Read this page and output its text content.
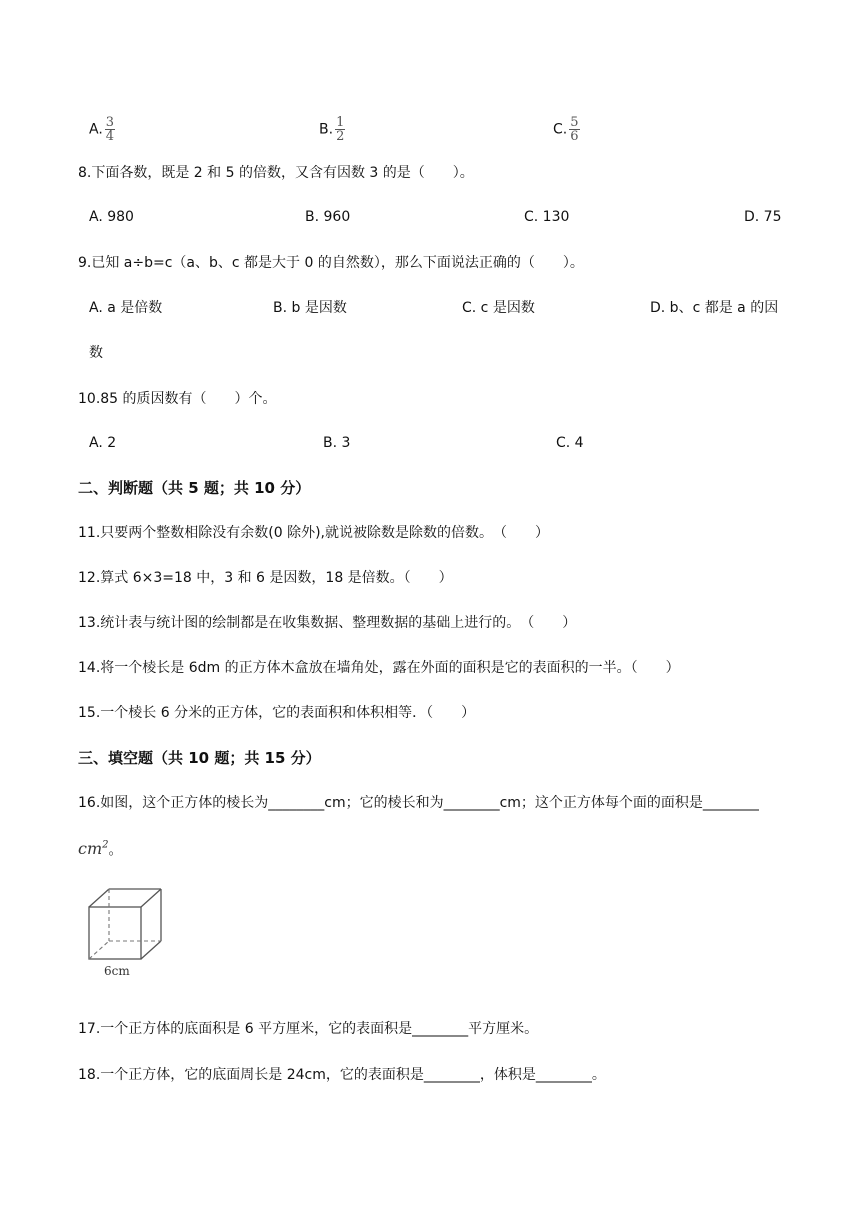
A. $\frac{3}{4}$	B. $\frac{1}{2}$	C. $\frac{5}{6}$
8.下面各数，既是 2 和 5 的倍数，又含有因数 3 的是（　　）。
A. 980	B. 960	C. 130	D. 75
9.已知 a÷b=c（a、b、c 都是大于 0 的自然数），那么下面说法正确的（　　）。
A. a 是倍数	B. b 是因数	C. c 是因数	D. b、c 都是 a 的因
数
10.85 的质因数有（　　）个。
A. 2	B. 3	C. 4
二、判断题（共 5 题；共 10 分）
11.只要两个整数相除没有余数(0 除外),就说被除数是除数的倍数。　（　　）
12.算式 6×3=18 中，3 和 6 是因数，18 是倍数。（　　）
13.统计表与统计图的绘制都是在收集数据、整理数据的基础上进行的。　（　　）
14.将一个棱长是 6dm 的正方体木盒放在墙角处，露在外面的面积是它的表面积的一半。（　　）
15.一个棱长 6 分米的正方体，它的表面积和体积相等．（　　）
三、填空题（共 10 题；共 15 分）
16.如图，这个正方体的棱长为________cm；它的棱长和为________cm；这个正方体每个面的面积是________
$cm^2$。
6cm
17.一个正方体的底面积是 6 平方厘米，它的表面积是________平方厘米。
18.一个正方体，它的底面周长是 24cm，它的表面积是________，体积是________。
